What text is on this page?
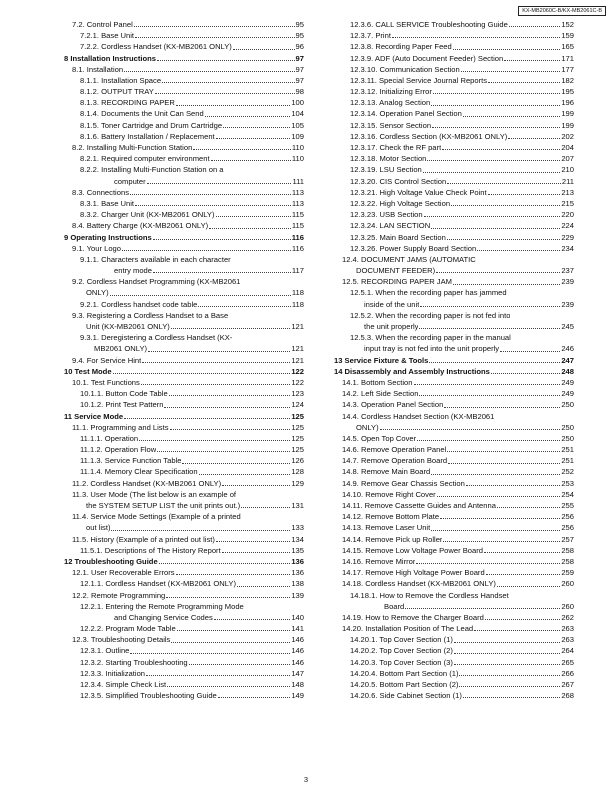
KX-MB2060C-B/KX-MB2061C-B
7.2. Control Panel	95
7.2.1. Base Unit	95
7.2.2. Cordless Handset (KX-MB2061 ONLY)	96
8 Installation Instructions	97
8.1. Installation	97
8.1.1. Installation Space	97
8.1.2. OUTPUT TRAY	98
8.1.3. RECORDING PAPER	100
8.1.4. Documents the Unit Can Send	104
8.1.5. Toner Cartridge and Drum Cartridge	105
8.1.6. Battery Installation / Replacement	109
8.2. Installing Multi-Function Station	110
8.2.1. Required computer environment	110
8.2.2. Installing Multi-Function Station on a
computer	111
8.3. Connections	113
8.3.1. Base Unit	113
8.3.2. Charger Unit (KX-MB2061 ONLY)	115
8.4. Battery Charge (KX-MB2061 ONLY)	115
9 Operating Instructions	116
9.1. Your Logo	116
9.1.1. Characters available in each character
entry mode	117
9.2. Cordless Handset Programming (KX-MB2061
ONLY)	118
9.2.1. Cordless handset code table	118
9.3. Registering a Cordless Handset to a Base
Unit (KX-MB2061 ONLY)	121
9.3.1. Deregistering a Cordless Handset (KX-
MB2061 ONLY)	121
9.4. For Service Hint	121
10 Test Mode	122
10.1. Test Functions	122
10.1.1. Button Code Table	123
10.1.2. Print Test Pattern	124
11 Service Mode	125
11.1. Programming and Lists	125
11.1.1. Operation	125
11.1.2. Operation Flow	125
11.1.3. Service Function Table	126
11.1.4. Memory Clear Specification	128
11.2. Cordless Handset (KX-MB2061 ONLY)	129
11.3. User Mode (The list below is an example of
the SYSTEM SETUP LIST the unit prints out.)	131
11.4. Service Mode Settings (Example of a printed
out list)	133
11.5. History (Example of a printed out list)	134
11.5.1. Descriptions of The History Report	135
12 Troubleshooting Guide	136
12.1. User Recoverable Errors	136
12.1.1. Cordless Handset (KX-MB2061 ONLY)	138
12.2. Remote Programming	139
12.2.1. Entering the Remote Programming Mode
and Changing Service Codes	140
12.2.2. Program Mode Table	141
12.3. Troubleshooting Details	146
12.3.1. Outline	146
12.3.2. Starting Troubleshooting	146
12.3.3. Initialization	147
12.3.4. Simple Check List	148
12.3.5. Simplified Troubleshooting Guide	149
12.3.6. CALL SERVICE Troubleshooting Guide	152
12.3.7. Print	159
12.3.8. Recording Paper Feed	165
12.3.9. ADF (Auto Document Feeder) Section	171
12.3.10. Communication Section	177
12.3.11. Special Service Journal Reports	182
12.3.12. Initializing Error	195
12.3.13. Analog Section	196
12.3.14. Operation Panel Section	199
12.3.15. Sensor Section	199
12.3.16. Cordless Section (KX-MB2061 ONLY)	202
12.3.17. Check the RF part	204
12.3.18. Motor Section	207
12.3.19. LSU Section	210
12.3.20. CIS Control Section	211
12.3.21. High Voltage Value Check Point	213
12.3.22. High Voltage Section	215
12.3.23. USB Section	220
12.3.24. LAN SECTION	224
12.3.25. Main Board Section	229
12.3.26. Power Supply Board Section	234
12.4. DOCUMENT JAMS (AUTOMATIC
DOCUMENT FEEDER)	237
12.5. RECORDING PAPER JAM	239
12.5.1. When the recording paper has jammed
inside of the unit	239
12.5.2. When the recording paper is not fed into
the unit properly	245
12.5.3. When the recording paper in the manual
input tray is not fed into the unit properly	246
13 Service Fixture & Tools	247
14 Disassembly and Assembly Instructions	248
14.1. Bottom Section	249
14.2. Left Side Section	249
14.3. Operation Panel Section	250
14.4. Cordless Handset Section (KX-MB2061
ONLY)	250
14.5. Open Top Cover	250
14.6. Remove Operation Panel	251
14.7. Remove Operation Board	251
14.8. Remove Main Board	252
14.9. Remove Gear Chassis Section	253
14.10. Remove Right Cover	254
14.11. Remove Cassette Guides and Antenna	255
14.12. Remove Bottom Plate	256
14.13. Remove Laser Unit	256
14.14. Remove Pick up Roller	257
14.15. Remove Low Voltage Power Board	258
14.16. Remove Mirror	258
14.17. Remove High Voltage Power Board	259
14.18. Cordless Handset (KX-MB2061 ONLY)	260
14.18.1. How to Remove the Cordless Handset
Board	260
14.19. How to Remove the Charger Board	262
14.20. Installation Position of The Lead	263
14.20.1. Top Cover Section (1)	263
14.20.2. Top Cover Section (2)	264
14.20.3. Top Cover Section (3)	265
14.20.4. Bottom Part Section (1)	266
14.20.5. Bottom Part Section (2)	267
14.20.6. Side Cabinet Section (1)	268
3
